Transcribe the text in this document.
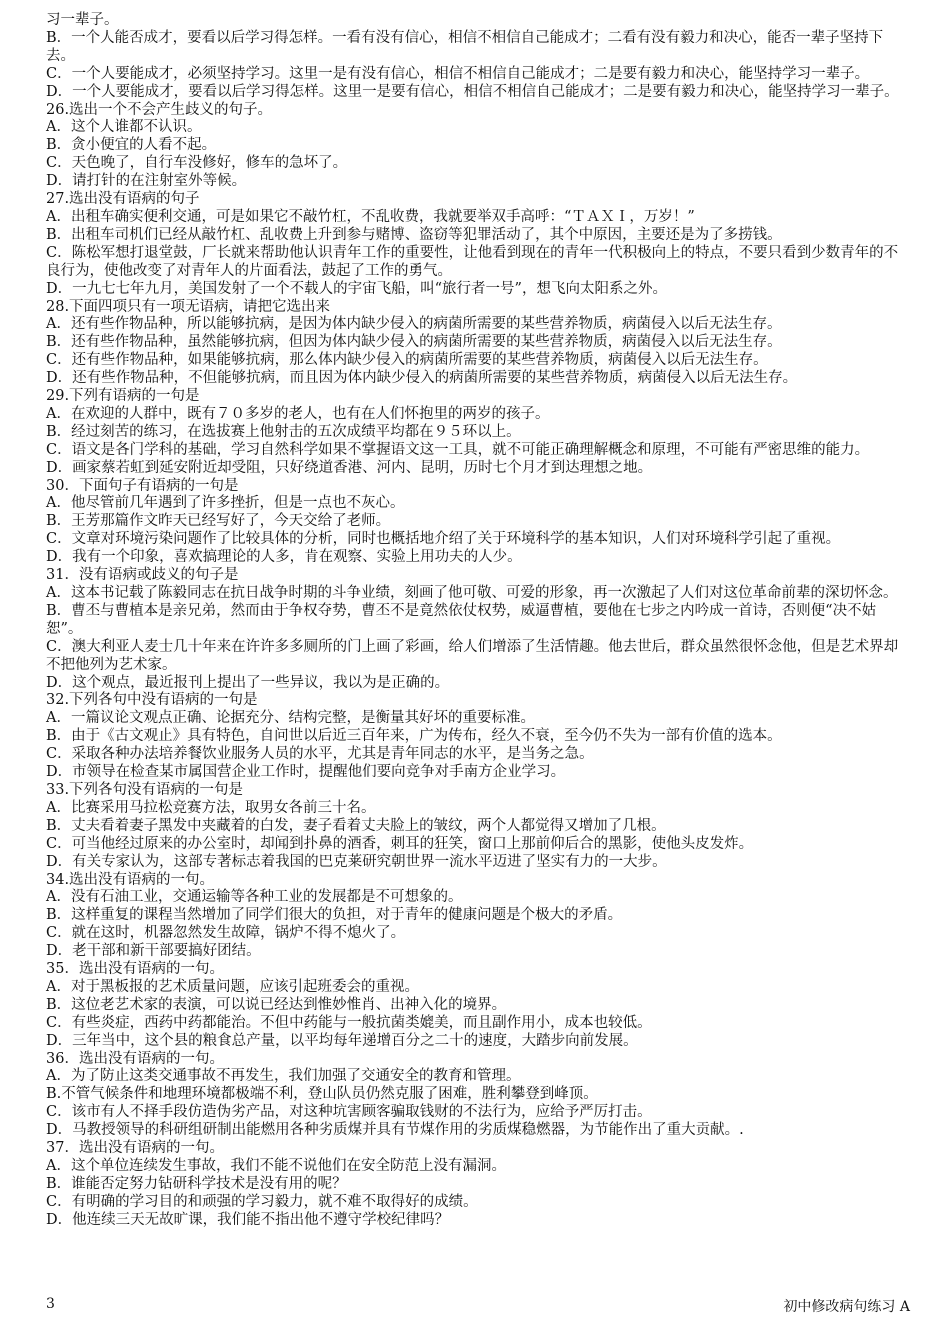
习一辈子。

B．一个人能否成才，要看以后学习得怎样。一看有没有信心，相信不相信自己能成才；二看有没有毅力和决心，能否一辈子坚持下去。

C．一个人要能成才，必须坚持学习。这里一是有没有信心，相信不相信自己能成才；二是要有毅力和决心，能坚持学习一辈子。

D．一个人要能成才，要看以后学习得怎样。这里一是要有信心，相信不相信自己能成才；二是要有毅力和决心，能坚持学习一辈子。

26.选出一个不会产生歧义的句子。

A．这个人谁都不认识。

B．贪小便宜的人看不起。

C．天色晚了，自行车没修好，修车的急坏了。

D．请打针的在注射室外等候。

27.选出没有语病的句子

A．出租车确实便利交通，可是如果它不敲竹杠，不乱收费，我就要举双手高呼：“ＴＡＸＩ，万岁！”

B．出租车司机们已经从敲竹杠、乱收费上升到参与赌博、盗窃等犯罪活动了，其个中原因，主要还是为了多捞钱。

C．陈松军想打退堂鼓，厂长就来帮助他认识青年工作的重要性，让他看到现在的青年一代积极向上的特点，不要只看到少数青年的不良行为，使他改变了对青年人的片面看法，鼓起了工作的勇气。

D．一九七七年九月，美国发射了一个不载人的宇宙飞船，叫“旅行者一号”，想飞向太阳系之外。

28.下面四项只有一项无语病，请把它选出来

A．还有些作物品种，所以能够抗病，是因为体内缺少侵入的病菌所需要的某些营养物质，病菌侵入以后无法生存。

B．还有些作物品种，虽然能够抗病，但因为体内缺少侵入的病菌所需要的某些营养物质，病菌侵入以后无法生存。

C．还有些作物品种，如果能够抗病，那么体内缺少侵入的病菌所需要的某些营养物质，病菌侵入以后无法生存。

D．还有些作物品种，不但能够抗病，而且因为体内缺少侵入的病菌所需要的某些营养物质，病菌侵入以后无法生存。

29.下列有语病的一句是

A．在欢迎的人群中，既有７０多岁的老人，也有在人们怀抱里的两岁的孩子。

B．经过刻苦的练习，在选拔赛上他射击的五次成绩平均都在９５环以上。

C．语文是各门学科的基础，学习自然科学如果不掌握语文这一工具，就不可能正确理解概念和原理，不可能有严密思维的能力。

D．画家蔡若虹到延安附近却受阻，只好绕道香港、河内、昆明，历时七个月才到达理想之地。

30．下面句子有语病的一句是

A．他尽管前几年遇到了许多挫折，但是一点也不灰心。

B．王芳那篇作文昨天已经写好了，今天交给了老师。

C．文章对环境污染问题作了比较具体的分析，同时也概括地介绍了关于环境科学的基本知识，人们对环境科学引起了重视。

D．我有一个印象，喜欢搞理论的人多，肯在观察、实验上用功夫的人少。

31．没有语病或歧义的句子是

A．这本书记载了陈毅同志在抗日战争时期的斗争业绩，刻画了他可敬、可爱的形象，再一次激起了人们对这位革命前辈的深切怀念。

B．曹丕与曹植本是亲兄弟，然而由于争权夺势，曹丕不是竟然依仗权势，威逼曹植，要他在七步之内吟成一首诗，否则便“决不姑恕”。

C．澳大利亚人麦士几十年来在许许多多厕所的门上画了彩画，给人们增添了生活情趣。他去世后，群众虽然很怀念他，但是艺术界却不把他列为艺术家。

D．这个观点，最近报刊上提出了一些异议，我以为是正确的。

32.下列各句中没有语病的一句是

A．一篇议论文观点正确、论据充分、结构完整，是衡量其好坏的重要标准。

B．由于《古文观止》具有特色，自问世以后近三百年来，广为传布，经久不衰，至今仍不失为一部有价值的选本。

C．采取各种办法培养餐饮业服务人员的水平，尤其是青年同志的水平，是当务之急。

D．市领导在检查某市属国营企业工作时，提醒他们要向竞争对手南方企业学习。

33.下列各句没有语病的一句是

A．比赛采用马拉松竞赛方法，取男女各前三十名。

B．丈夫看着妻子黑发中夹藏着的白发，妻子看着丈夫脸上的皱纹，两个人都觉得又增加了几根。

C．可当他经过原来的办公室时，却闻到扑鼻的酒香，刺耳的狂笑，窗口上那前仰后合的黑影，使他头皮发炸。

D．有关专家认为，这部专著标志着我国的巴克莱研究朝世界一流水平迈进了坚实有力的一大步。

34.选出没有语病的一句。

A．没有石油工业，交通运输等各种工业的发展都是不可想象的。

B．这样重复的课程当然增加了同学们很大的负担，对于青年的健康问题是个极大的矛盾。

C．就在这时，机器忽然发生故障，锅炉不得不熄火了。

D．老干部和新干部要搞好团结。

35．选出没有语病的一句。

A．对于黑板报的艺术质量问题，应该引起班委会的重视。

B．这位老艺术家的表演，可以说已经达到惟妙惟肖、出神入化的境界。

C．有些炎症，西药中药都能治。不但中药能与一般抗菌类媲美，而且副作用小，成本也较低。

D．三年当中，这个县的粮食总产量，以平均每年递增百分之二十的速度，大踏步向前发展。

36．选出没有语病的一句。

A．为了防止这类交通事故不再发生，我们加强了交通安全的教育和管理。

B.不管气候条件和地理环境都极端不利，登山队员仍然克服了困难，胜利攀登到峰顶。

C．该市有人不择手段仿造伪劣产品，对这种坑害顾客骗取钱财的不法行为，应给予严厉打击。

D．马教授领导的科研组研制出能燃用各种劣质煤并具有节煤作用的劣质煤稳燃器，为节能作出了重大贡献。.

37．选出没有语病的一句。

A．这个单位连续发生事故，我们不能不说他们在安全防范上没有漏洞。

B．谁能否定努力钻研科学技术是没有用的呢？

C．有明确的学习目的和顽强的学习毅力，就不难不取得好的成绩。

D．他连续三天无故旷课，我们能不指出他不遵守学校纪律吗？

3	初中修改病句练习 A
